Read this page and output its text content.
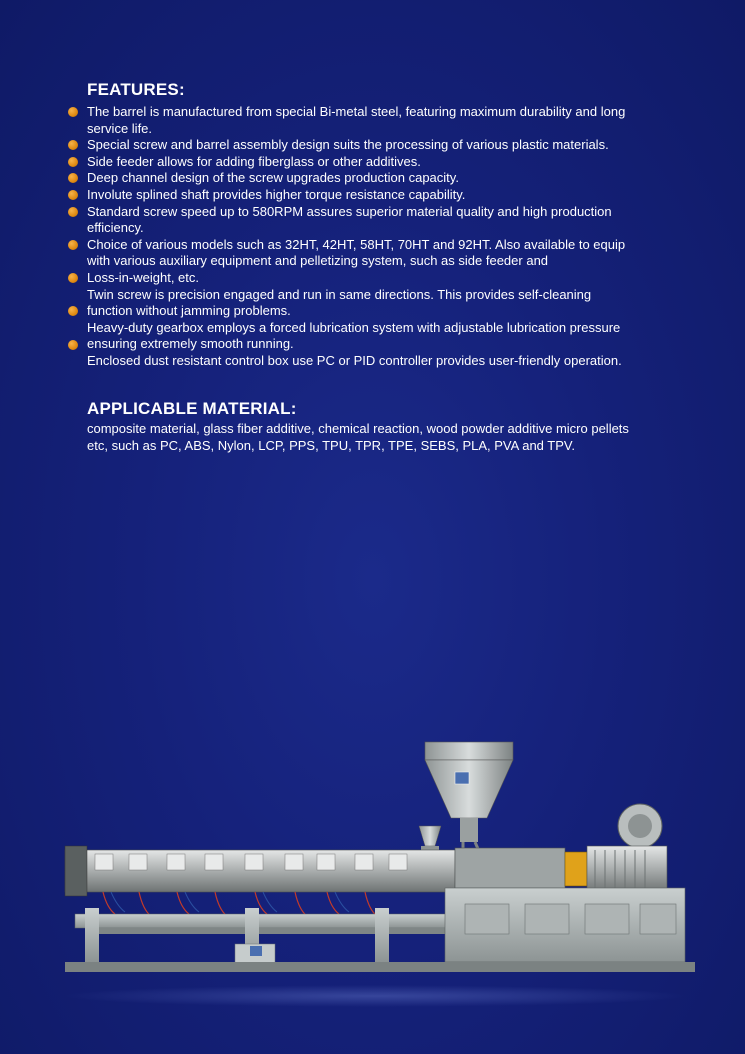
FEATURES:

The barrel is manufactured from special Bi-metal steel, featuring maximum durability and long

service life.

Special screw and barrel assembly design suits the processing of various plastic materials.

Side feeder allows for adding fiberglass or other additives.

Deep channel design of the screw upgrades production capacity.

Involute splined shaft provides higher torque resistance capability.

Standard screw speed up to 580RPM assures superior material quality and high production

efficiency.

Choice of various models such as 32HT, 42HT, 58HT, 70HT and 92HT. Also available to equip

with various auxiliary equipment and pelletizing system, such as side feeder and

Loss-in-weight, etc.

Twin screw is precision engaged and run in same directions. This provides self-cleaning

function without jamming problems.

Heavy-duty gearbox employs a forced lubrication system with adjustable lubrication pressure

ensuring extremely smooth running.

Enclosed dust resistant control box use PC or PID controller provides user-friendly operation.

APPLICABLE MATERIAL:

composite material, glass fiber additive, chemical reaction, wood powder additive micro pellets

etc, such as PC, ABS, Nylon, LCP, PPS, TPU, TPR, TPE, SEBS, PLA, PVA and TPV.
